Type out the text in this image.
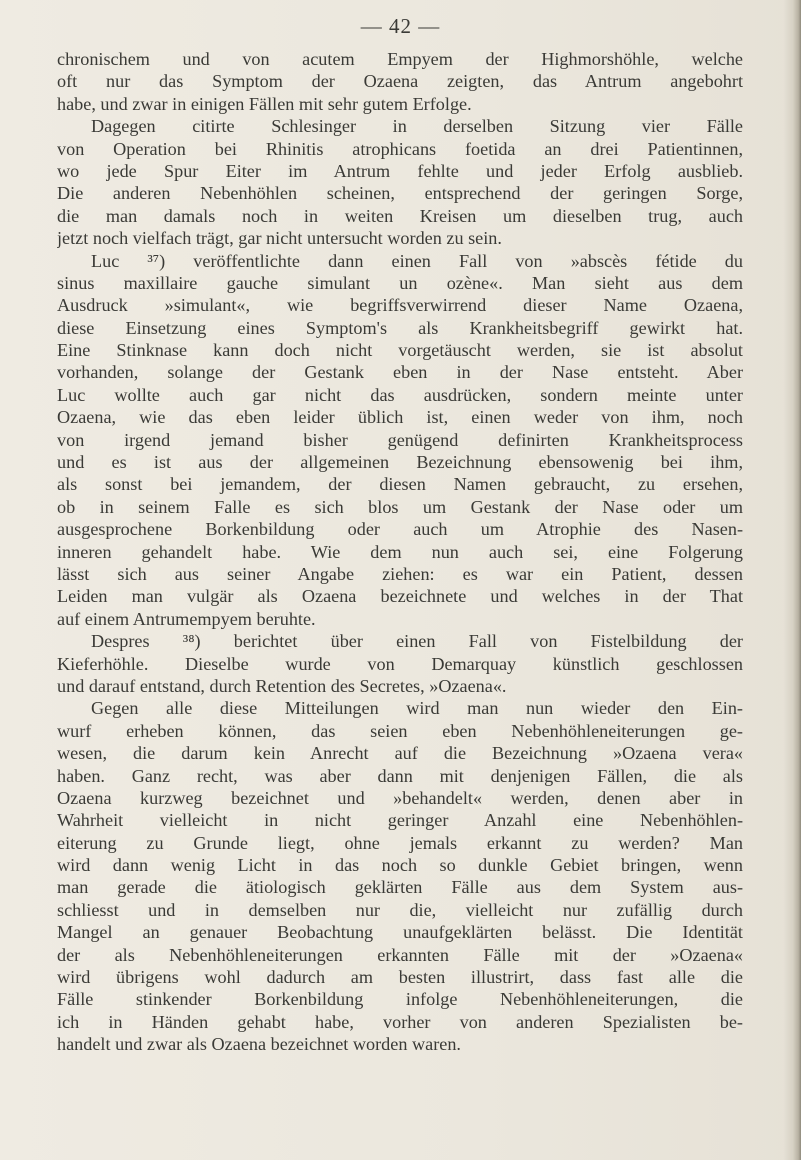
— 42 —
chronischem und von acutem Empyem der Highmorshöhle, welche
oft nur das Symptom der Ozaena zeigten, das Antrum angebohrt
habe, und zwar in einigen Fällen mit sehr gutem Erfolge.
Dagegen citirte Schlesinger in derselben Sitzung vier Fälle
von Operation bei Rhinitis atrophicans foetida an drei Patientinnen,
wo jede Spur Eiter im Antrum fehlte und jeder Erfolg ausblieb.
Die anderen Nebenhöhlen scheinen, entsprechend der geringen Sorge,
die man damals noch in weiten Kreisen um dieselben trug, auch
jetzt noch vielfach trägt, gar nicht untersucht worden zu sein.
Luc ³⁷) veröffentlichte dann einen Fall von »abscès fétide du
sinus maxillaire gauche simulant un ozène«. Man sieht aus dem
Ausdruck »simulant«, wie begriffsverwirrend dieser Name Ozaena,
diese Einsetzung eines Symptom's als Krankheitsbegriff gewirkt hat.
Eine Stinknase kann doch nicht vorgetäuscht werden, sie ist absolut
vorhanden, solange der Gestank eben in der Nase entsteht. Aber
Luc wollte auch gar nicht das ausdrücken, sondern meinte unter
Ozaena, wie das eben leider üblich ist, einen weder von ihm, noch
von irgend jemand bisher genügend definirten Krankheitsprocess
und es ist aus der allgemeinen Bezeichnung ebensowenig bei ihm,
als sonst bei jemandem, der diesen Namen gebraucht, zu ersehen,
ob in seinem Falle es sich blos um Gestank der Nase oder um
ausgesprochene Borkenbildung oder auch um Atrophie des Nasen-
inneren gehandelt habe. Wie dem nun auch sei, eine Folgerung
lässt sich aus seiner Angabe ziehen: es war ein Patient, dessen
Leiden man vulgär als Ozaena bezeichnete und welches in der That
auf einem Antrumempyem beruhte.
Despres ³⁸) berichtet über einen Fall von Fistelbildung der
Kieferhöhle. Dieselbe wurde von Demarquay künstlich geschlossen
und darauf entstand, durch Retention des Secretes, »Ozaena«.
Gegen alle diese Mitteilungen wird man nun wieder den Ein-
wurf erheben können, das seien eben Nebenhöhleneiterungen ge-
wesen, die darum kein Anrecht auf die Bezeichnung »Ozaena vera«
haben. Ganz recht, was aber dann mit denjenigen Fällen, die als
Ozaena kurzweg bezeichnet und »behandelt« werden, denen aber in
Wahrheit vielleicht in nicht geringer Anzahl eine Nebenhöhlen-
eiterung zu Grunde liegt, ohne jemals erkannt zu werden? Man
wird dann wenig Licht in das noch so dunkle Gebiet bringen, wenn
man gerade die ätiologisch geklärten Fälle aus dem System aus-
schliesst und in demselben nur die, vielleicht nur zufällig durch
Mangel an genauer Beobachtung unaufgeklärten belässt. Die Identität
der als Nebenhöhleneiterungen erkannten Fälle mit der »Ozaena«
wird übrigens wohl dadurch am besten illustrirt, dass fast alle die
Fälle stinkender Borkenbildung infolge Nebenhöhleneiterungen, die
ich in Händen gehabt habe, vorher von anderen Spezialisten be-
handelt und zwar als Ozaena bezeichnet worden waren.
